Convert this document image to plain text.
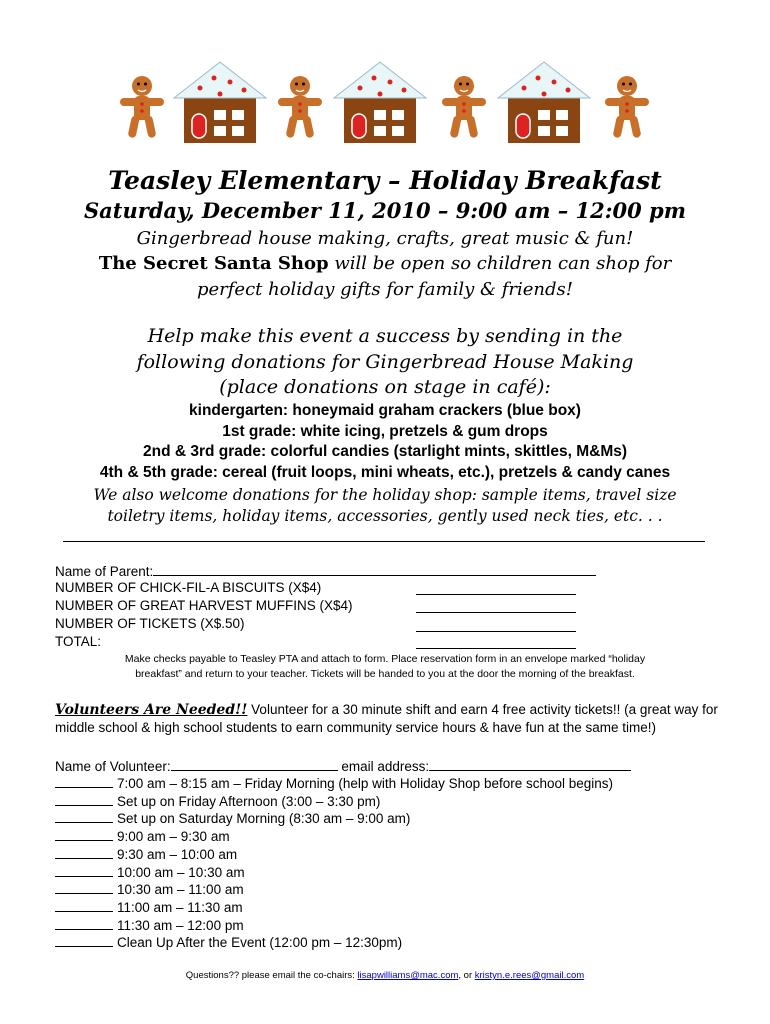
Teasley Elementary – Holiday Breakfast
Saturday, December 11, 2010 – 9:00 am – 12:00 pm
Gingerbread house making, crafts, great music & fun!
The Secret Santa Shop will be open so children can shop for
perfect holiday gifts for family & friends!
Help make this event a success by sending in the
following donations for Gingerbread House Making
(place donations on stage in café):
kindergarten: honeymaid graham crackers (blue box)
1st grade: white icing, pretzels & gum drops
2nd & 3rd grade: colorful candies (starlight mints, skittles, M&Ms)
4th & 5th grade: cereal (fruit loops, mini wheats, etc.), pretzels & candy canes
We also welcome donations for the holiday shop: sample items, travel size
toiletry items, holiday items, accessories, gently used neck ties, etc. . .
Name of Parent:
NUMBER OF CHICK-FIL-A BISCUITS (X$4)
NUMBER OF GREAT HARVEST MUFFINS (X$4)
NUMBER OF TICKETS (X$.50)
TOTAL:
Make checks payable to Teasley PTA and attach to form. Place reservation form in an envelope marked “holiday
breakfast” and return to your teacher. Tickets will be handed to you at the door the morning of the breakfast.
Volunteers Are Needed!! Volunteer for a 30 minute shift and earn 4 free activity tickets!! (a great way for middle school & high school students to earn community service hours & have fun at the same time!)
Name of Volunteer:	email address:
7:00 am – 8:15 am – Friday Morning (help with Holiday Shop before school begins)
Set up on Friday Afternoon (3:00 – 3:30 pm)
Set up on Saturday Morning (8:30 am – 9:00 am)
9:00 am – 9:30 am
9:30 am – 10:00 am
10:00 am – 10:30 am
10:30 am – 11:00 am
11:00 am – 11:30 am
11:30 am – 12:00 pm
Clean Up After the Event (12:00 pm – 12:30pm)
Questions?? please email the co-chairs: lisapwilliams@mac.com, or kristyn.e.rees@gmail.com
